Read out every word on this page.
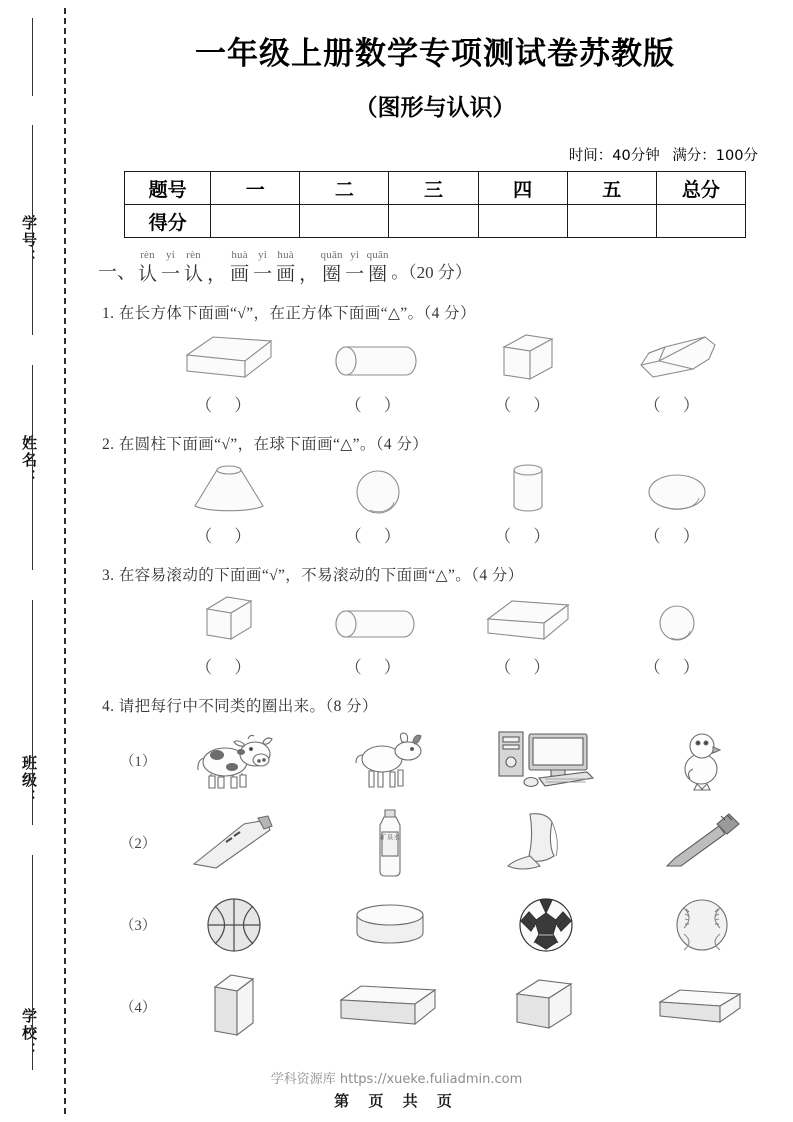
学号：
姓名：
班级：
学校：
一年级上册数学专项测试卷苏教版
（图形与认识）
时间：40分钟 满分：100分
题号	一	二	三	四	五	总分
得分						
一、
rèn
认
yi
一
rèn
认 ，
huà
画
yi
一
huà
画 ，
quān
圈
yi
一
quān
圈 。（20 分）
1. 在长方体下面画“√”，在正方体下面画“△”。（4 分）
（）	（）	（）	（）
2. 在圆柱下面画“√”，在球下面画“△”。（4 分）
（）	（）	（）	（）
3. 在容易滚动的下面画“√”，不易滚动的下面画“△”。（4 分）
（）	（）	（）	（）
4. 请把每行中不同类的圈出来。（8 分）
（1）
（2）	矿泉水
（3）
（4）
学科资源库 https://xueke.fuliadmin.com
第 页 共 页
